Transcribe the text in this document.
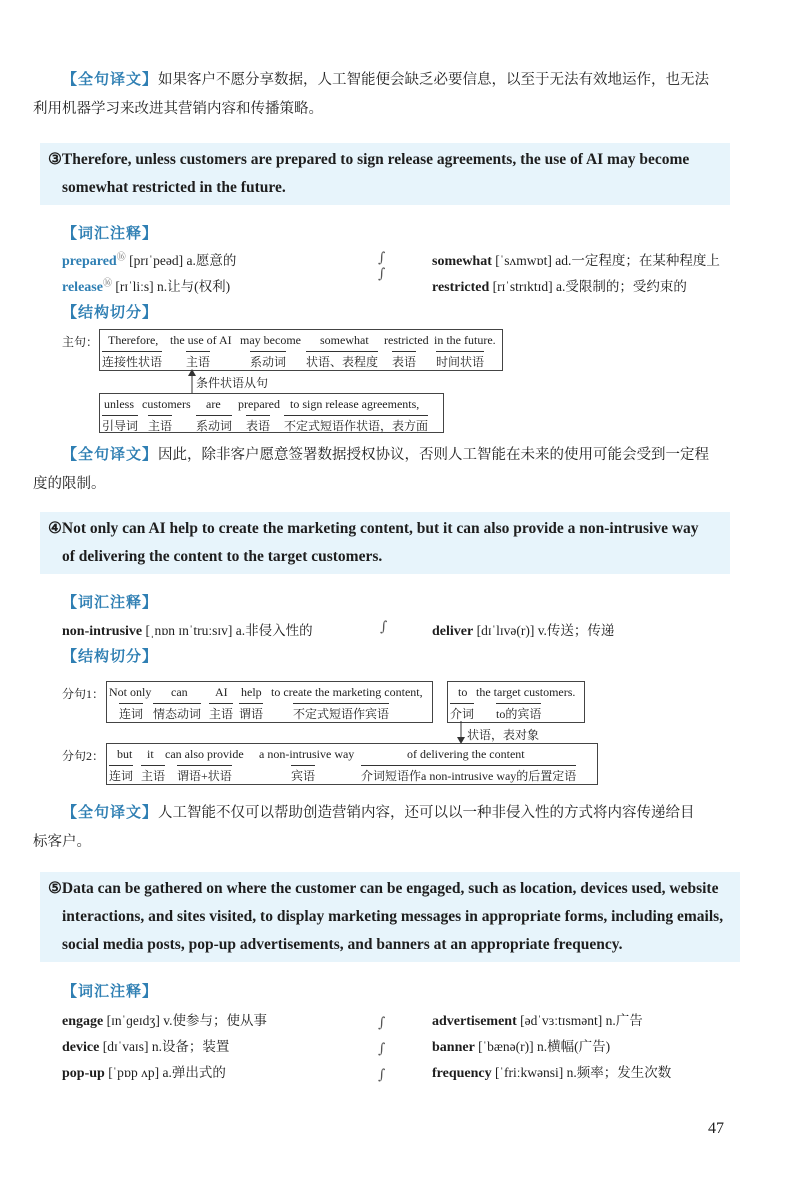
【全句译文】如果客户不愿分享数据，人工智能便会缺乏必要信息，以至于无法有效地运作，也无法
利用机器学习来改进其营销内容和传播策略。
③Therefore, unless customers are prepared to sign release agreements, the use of AI may become
somewhat restricted in the future.
【词汇注释】
prepared⑯ [prɪˈpeəd] a.愿意的
release⑯ [rɪˈliːs] n.让与(权利)
∫
∫
somewhat [ˈsʌmwɒt] ad.一定程度；在某种程度上
restricted [rɪˈstrɪktɪd] a.受限制的；受约束的
【结构切分】
主句： Therefore,
连接性状语
the use of AI
主语
may become
系动词
somewhat
状语、表程度
restricted
表语
in the future.
时间状语
条件状语从句
unless
引导词
customers
主语
are
系动词
prepared
表语
to sign release agreements,
不定式短语作状语，表方面
【全句译文】因此，除非客户愿意签署数据授权协议，否则人工智能在未来的使用可能会受到一定程
度的限制。
④Not only can AI help to create the marketing content, but it can also provide a non-intrusive way
of delivering the content to the target customers.
【词汇注释】
non-intrusive [ˌnɒn ɪnˈtruːsɪv] a.非侵入性的	∫	deliver [dɪˈlɪvə(r)] v.传送；传递
【结构切分】
分句1： Not only
连词
can
情态动词
AI
主语
help
谓语
to create the marketing content,
不定式短语作宾语
to
介词
the target customers.
to的宾语
状语，表对象
分句2： but
连词
it
主语
can also provide
谓语+状语
a non-intrusive way
宾语
of delivering the content
介词短语作a non-intrusive way的后置定语
【全句译文】人工智能不仅可以帮助创造营销内容，还可以以一种非侵入性的方式将内容传递给目
标客户。
⑤Data can be gathered on where the customer can be engaged, such as location, devices used, website
interactions, and sites visited, to display marketing messages in appropriate forms, including emails,
social media posts, pop-up advertisements, and banners at an appropriate frequency.
【词汇注释】
engage [ɪnˈɡeɪdʒ] v.使参与；使从事
device [dɪˈvaɪs] n.设备；装置
pop-up [ˈpɒp ʌp] a.弹出式的
∫
∫
∫
advertisement [ədˈvɜːtɪsmənt] n.广告
banner [ˈbænə(r)] n.横幅(广告)
frequency [ˈfriːkwənsi] n.频率；发生次数
47
